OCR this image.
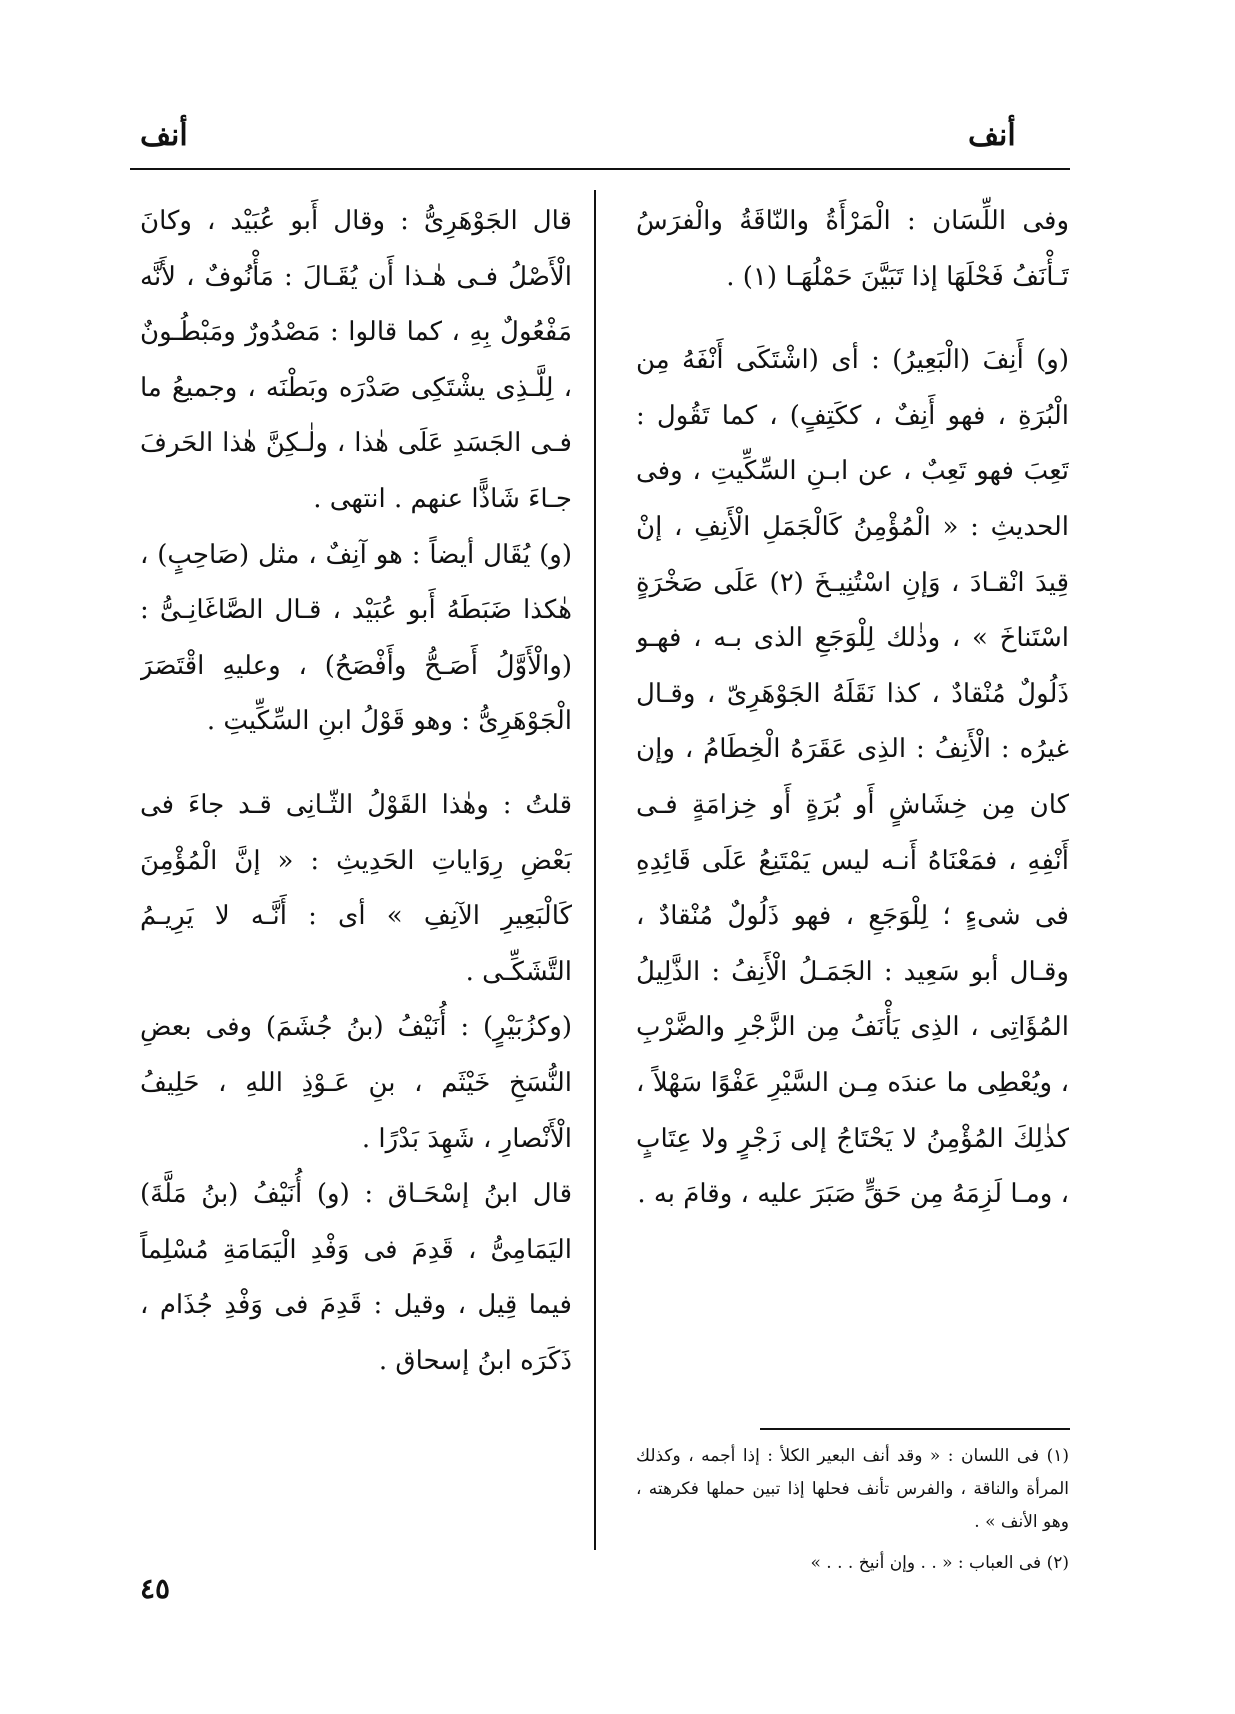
أنف
أنف

وفى اللِّسَان : الْمَرْأَةُ والنّاقَةُ والْفرَسُ تَـأْنَفُ فَحْلَهَا إذا تَبَيَّنَ حَمْلُهَـا (١) .

(و) أَنِفَ (الْبَعِيرُ) : أى (اشْتَكَى أَنْفَهُ مِن الْبُرَةِ ، فهو أَنِفٌ ، ككَتِفٍ) ، كما تَقُول : تَعِبَ فهو تَعِبٌ ، عن ابـنِ السِّكِّيتِ ، وفى الحديثِ : « الْمُؤْمِنُ كَالْجَمَلِ الْأَنِفِ ، إنْ قِيدَ انْقـادَ ، وَإنِ اسْتُنِيـخَ (٢) عَلَى صَخْرَةٍ اسْتَناخَ » ، وذٰلك لِلْوَجَعِ الذى بـه ، فهـو ذَلُولٌ مُنْقادٌ ، كذا نَقَلَهُ الجَوْهَرِىّ ، وقـال غيرُه : الْأَنِفُ : الذِى عَقَرَهُ الْخِطَامُ ، وإن كان مِن خِشَاشٍ أَو بُرَةٍ أَو خِزامَةٍ فـى أَنْفِهِ ، فمَعْنَاهُ أَنـه ليس يَمْتَنِعُ عَلَى قَائِدِهِ فى شىءٍ ؛ لِلْوَجَعِ ، فهو ذَلُولٌ مُنْقادٌ ، وقـال أبو سَعِيد : الجَمَـلُ الْأَنِفُ : الذَّلِيلُ المُؤَاتِى ، الذِى يَأْنَفُ مِن الزَّجْرِ والضَّرْبِ ، ويُعْطِى ما عندَه مِـن السَّيْرِ عَفْوًا سَهْلاً ، كذٰلِكَ المُؤْمِنُ لا يَحْتَاجُ إلى زَجْرٍ ولا عِتَابٍ ، ومـا لَزِمَهُ مِن حَقٍّ صَبَرَ عليه ، وقامَ به .

(١) فى اللسان : « وقد أنف البعير الكلأ : إذا أجمه ، وكذلك المرأة والناقة ، والفرس تأنف فحلها إذا تبين حملها فكرهته ، وهو الأنف » .

(٢) فى العباب : « . . وإن أنيخ . . . »

قال الجَوْهَرِىُّ : وقال أَبو عُبَيْد ، وكانَ الْأَصْلُ فـى هٰـذا أَن يُقَـالَ : مَأْنُوفٌ ، لأَنَّه مَفْعُولٌ بِهِ ، كما قالوا : مَصْدُورٌ ومَبْطُـونٌ ، لِلَّـذِى يشْتَكِى صَدْرَه وبَطْنَه ، وجميعُ ما فـى الجَسَدِ عَلَى هٰذا ، ولٰـكِنَّ هٰذا الحَرفَ جـاءَ شَاذًّا عنهم . انتهى .

(و) يُقَال أيضاً : هو آنِفٌ ، مثل (صَاحِبٍ) ، هٰكذا ضَبَطَهُ أَبو عُبَيْد ، قـال الصَّاغَانِـىُّ : (والْأَوَّلُ أَصَـحُّ وأَفْصَحُ) ، وعليهِ اقْتَصَرَ الْجَوْهَرِىُّ : وهو قَوْلُ ابنِ السِّكِّيتِ .

قلتُ : وهٰذا القَوْلُ الثّـانِى قـد جاءَ فى بَعْضِ رِوَاياتِ الحَدِيثِ : « إنَّ الْمُؤْمِنَ كَالْبَعِيرِ الآنِفِ » أى : أَنَّـه لا يَرِيـمُ التَّشَكِّـى .

(وكزُبَيْرٍ) : أُنَيْفُ (بنُ جُشَمَ) وفى بعضِ النُّسَخِ خَيْثَم ، بنِ عَـوْذِ اللهِ ، حَلِيفُ الْأَنْصارِ ، شَهِدَ بَدْرًا .

قال ابنُ إسْحَـاق : (و) أُنَيْفُ (بنُ مَلَّةَ) اليَمَامِىُّ ، قَدِمَ فى وَفْدِ الْيَمَامَةِ مُسْلِماً فيما قِيل ، وقيل : قَدِمَ فى وَفْدِ جُذَام ، ذَكَرَه ابنُ إسحاق .

٤٥
